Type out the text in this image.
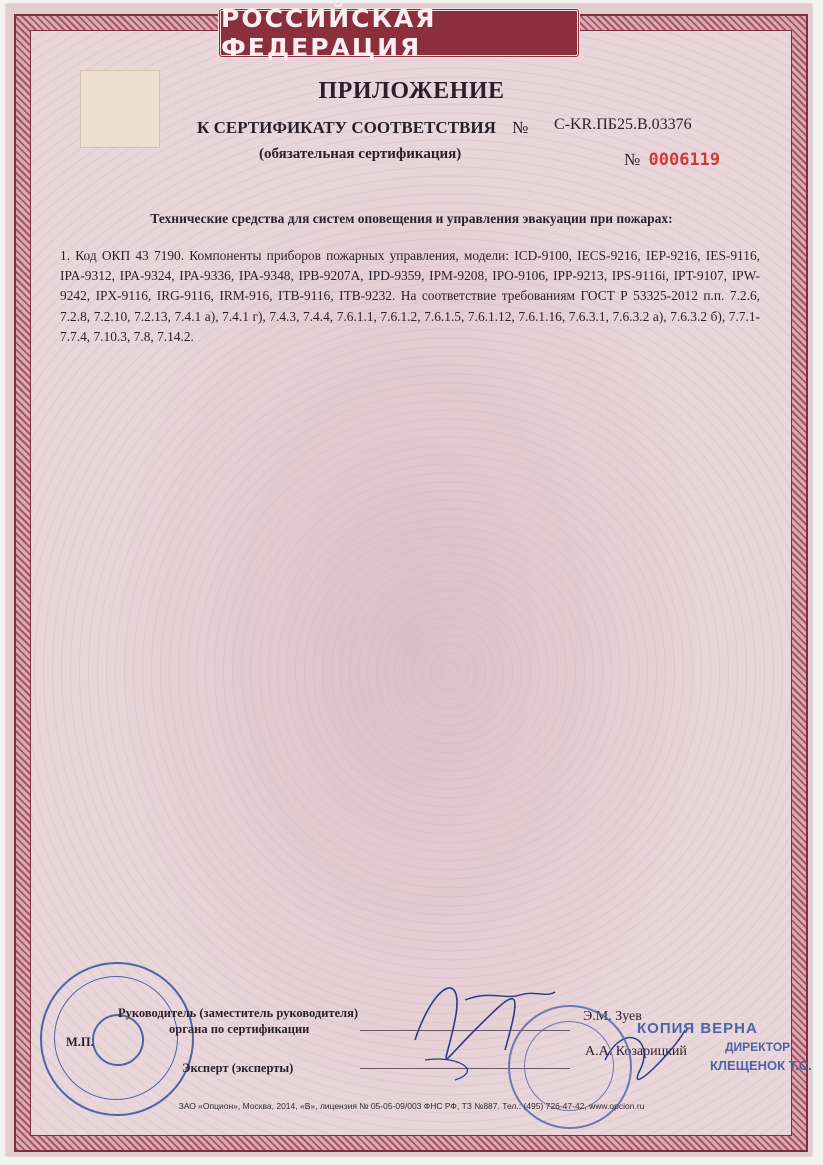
РОССИЙСКАЯ ФЕДЕРАЦИЯ
ПРИЛОЖЕНИЕ
К СЕРТИФИКАТУ СООТВЕТСТВИЯ № С-KR.ПБ25.В.03376
(обязательная сертификация)	№ 0006119
Технические средства для систем оповещения и управления эвакуации при пожарах:
1. Код ОКП 43 7190. Компоненты приборов пожарных управления, модели: ICD-9100, IECS-9216, IEP-9216, IES-9116, IPA-9312, IPA-9324, IPA-9336, IPA-9348, IPB-9207A, IPD-9359, IPM-9208, IPO-9106, IPP-9213, IPS-9116i, IPT-9107, IPW-9242, IPX-9116, IRG-9116, IRM-916, ITB-9116, ITB-9232. На соответствие требованиям ГОСТ Р 53325-2012 п.п. 7.2.6, 7.2.8, 7.2.10, 7.2.13, 7.4.1 а), 7.4.1 г), 7.4.3, 7.4.4, 7.6.1.1, 7.6.1.2, 7.6.1.5, 7.6.1.12, 7.6.1.16, 7.6.3.1, 7.6.3.2 а), 7.6.3.2 б), 7.7.1-7.7.4, 7.10.3, 7.8, 7.14.2.
М.П.
Руководитель (заместитель руководителя)
органа по сертификации
Э.М. Зуев
Эксперт (эксперты)
А.А. Козарицкий
КОПИЯ ВЕРНА
ДИРЕКТОР
КЛЕЩЕНОК Т.С.
ЗАО «Опцион», Москва, 2014, «В», лицензия № 05-05-09/003 ФНС РФ, ТЗ №887. Тел.: (495) 726-47-42, www.opcion.ru
